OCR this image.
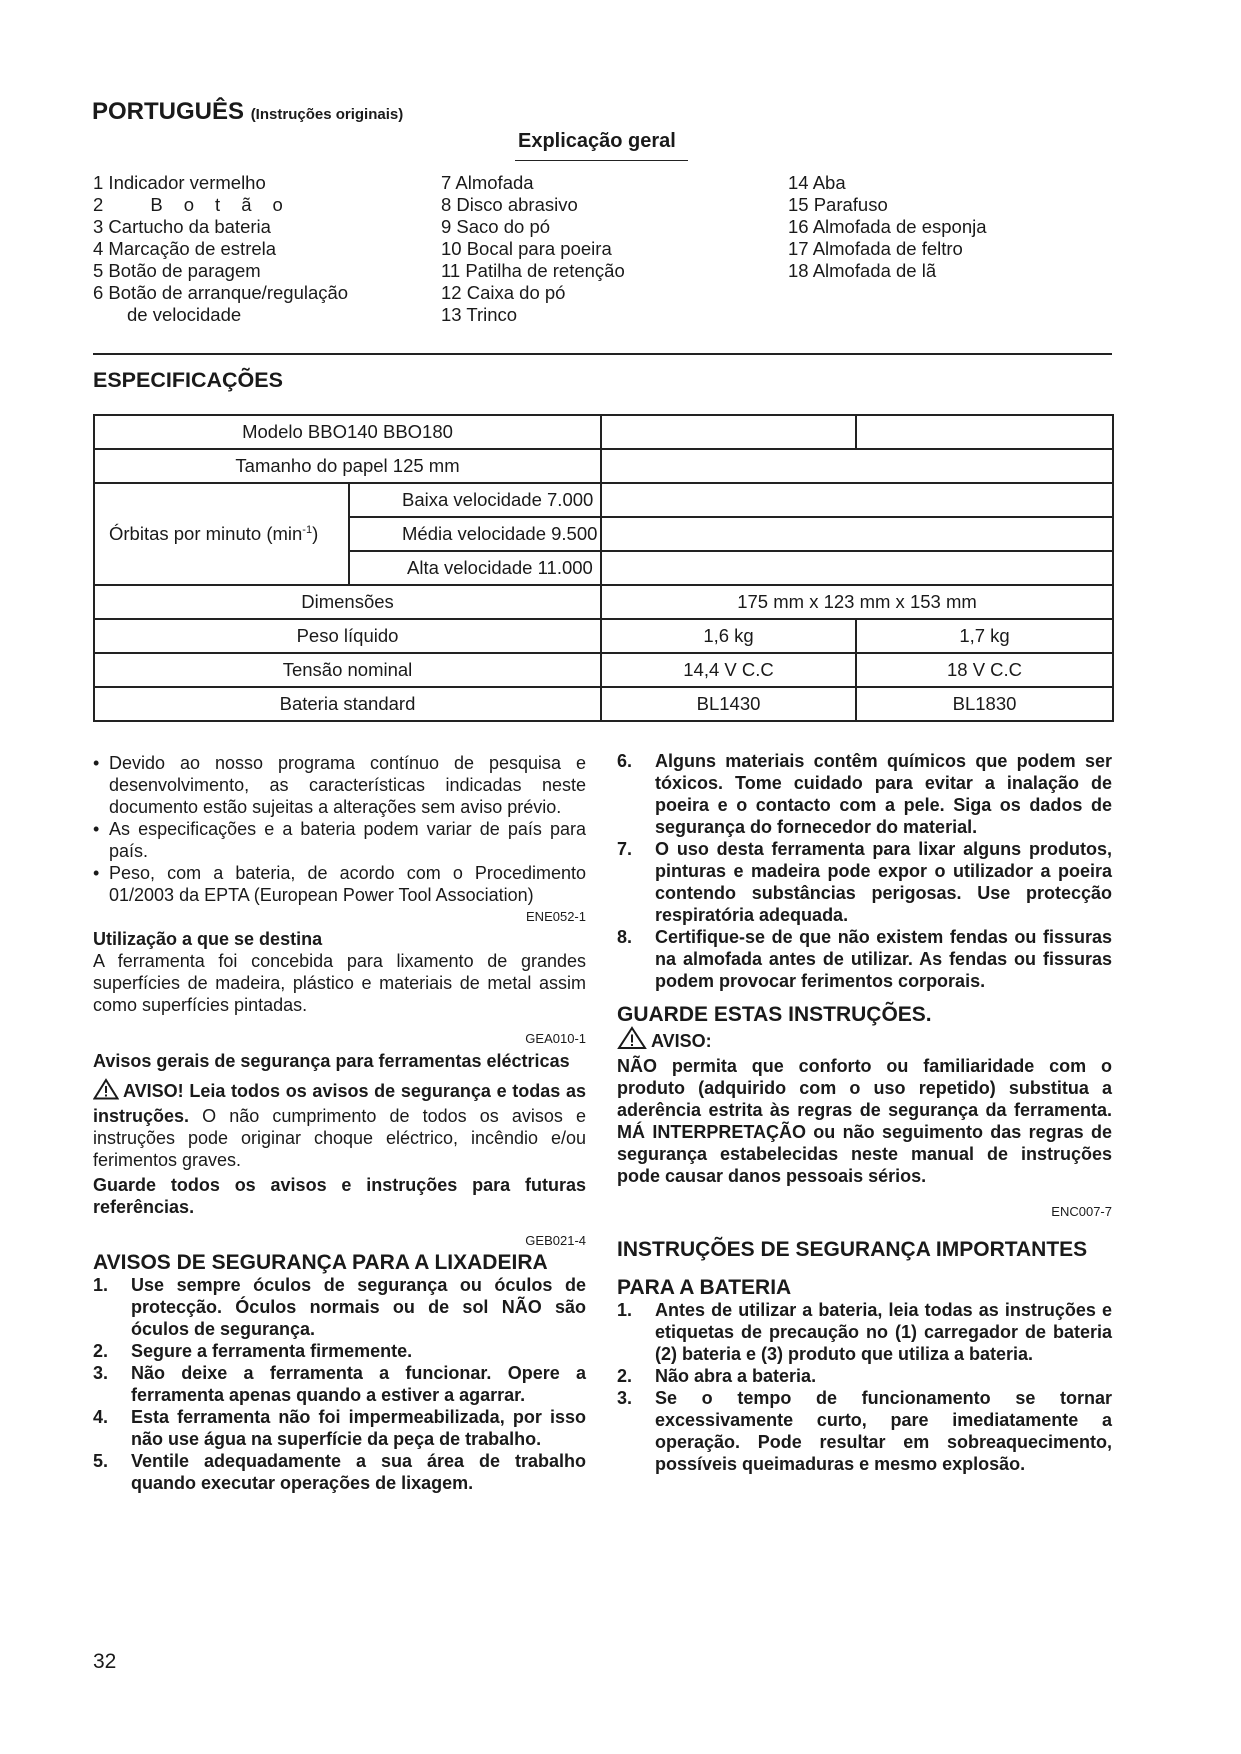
PORTUGUÊS (Instruções originais)
Explicação geral
1 Indicador vermelho
2 Botão
3 Cartucho da bateria
4 Marcação de estrela
5 Botão de paragem
6 Botão de arranque/regulação
de velocidade
7 Almofada
8 Disco abrasivo
9 Saco do pó
10 Bocal para poeira
11 Patilha de retenção
12 Caixa do pó
13 Trinco
14 Aba
15 Parafuso
16 Almofada de esponja
17 Almofada de feltro
18 Almofada de lã
ESPECIFICAÇÕES
Modelo BBO140 BBO180			
Tamanho do papel 125 mm			
Órbitas por minuto $(\min^{-1})$	Baixa velocidade 7.000		
	Média velocidade 9.500		
	Alta velocidade 11.000		
Dimensões		175 mm x 123 mm x 153 mm	
Peso líquido		1,6 kg	1,7 kg
Tensão nominal		14,4 V C.C	18 V C.C
Bateria standard		BL1430	BL1830

• Devido ao nosso programa contínuo de pesquisa e desenvolvimento, as características indicadas neste documento estão sujeitas a alterações sem aviso prévio.

• As especificações e a bateria podem variar de país para país.

• Peso, com a bateria, de acordo com o Procedimento 01/2003 da EPTA (European Power Tool Association)

ENE052-1

Utilização a que se destina

A ferramenta foi concebida para lixamento de grandes superfícies de madeira, plástico e materiais de metal assim como superfícies pintadas.

GEA010-1

Avisos gerais de segurança para ferramentas eléctricas

AVISO! Leia todos os avisos de segurança e todas as instruções. O não cumprimento de todos os avisos e instruções pode originar choque eléctrico, incêndio e/ou ferimentos graves.

Guarde todos os avisos e instruções para futuras referências.

GEB021-4

AVISOS DE SEGURANÇA PARA A LIXADEIRA

1. Use sempre óculos de segurança ou óculos de protecção. Óculos normais ou de sol NÃO são óculos de segurança.

2. Segure a ferramenta firmemente.

3. Não deixe a ferramenta a funcionar. Opere a ferramenta apenas quando a estiver a agarrar.

4. Esta ferramenta não foi impermeabilizada, por isso não use água na superfície da peça de trabalho.

5. Ventile adequadamente a sua área de trabalho quando executar operações de lixagem.

6. Alguns materiais contêm químicos que podem ser tóxicos. Tome cuidado para evitar a inalação de poeira e o contacto com a pele. Siga os dados de segurança do fornecedor do material.

7. O uso desta ferramenta para lixar alguns produtos, pinturas e madeira pode expor o utilizador a poeira contendo substâncias perigosas. Use protecção respiratória adequada.

8. Certifique-se de que não existem fendas ou fissuras na almofada antes de utilizar. As fendas ou fissuras podem provocar ferimentos corporais.

GUARDE ESTAS INSTRUÇÕES.

AVISO:

NÃO permita que conforto ou familiaridade com o produto (adquirido com o uso repetido) substitua a aderência estrita às regras de segurança da ferramenta. MÁ INTERPRETAÇÃO ou não seguimento das regras de segurança estabelecidas neste manual de instruções pode causar danos pessoais sérios.

ENC007-7

INSTRUÇÕES DE SEGURANÇA IMPORTANTES

PARA A BATERIA

1. Antes de utilizar a bateria, leia todas as instruções e etiquetas de precaução no (1) carregador de bateria (2) bateria e (3) produto que utiliza a bateria.

2. Não abra a bateria.

3. Se o tempo de funcionamento se tornar excessivamente curto, pare imediatamente a operação. Pode resultar em sobreaquecimento, possíveis queimaduras e mesmo explosão.

32
